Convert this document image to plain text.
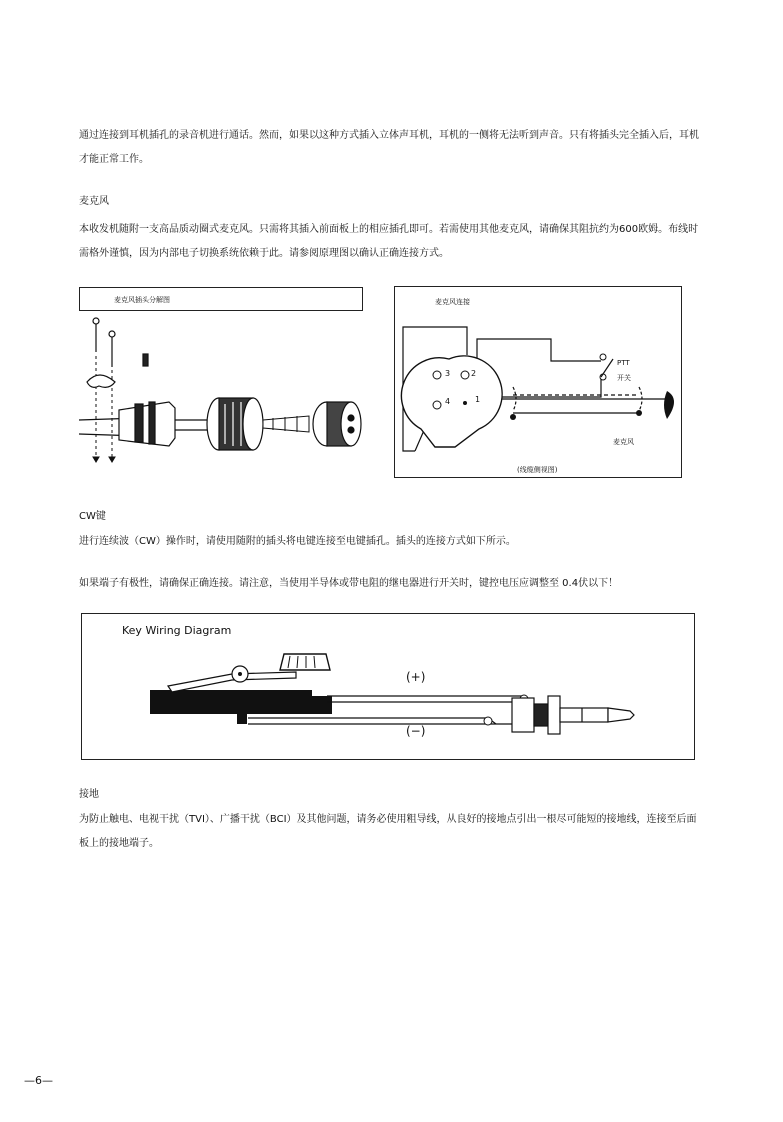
通过连接到耳机插孔的录音机进行通话。然而，如果以这种方式插入立体声耳机，耳机的一侧将无法听到声音。只有将插头完全插入后，耳机才能正常工作。

麦克风

本收发机随附一支高品质动圈式麦克风。只需将其插入前面板上的相应插孔即可。若需使用其他麦克风，请确保其阻抗约为600欧姆。布线时需格外谨慎，因为内部电子切换系统依赖于此。请参阅原理图以确认正确连接方式。

麦克风插头分解图	麦克风连接
3	2
4	1
PTT
开关
麦克风
(线缆侧视图)

CW键

进行连续波（CW）操作时，请使用随附的插头将电键连接至电键插孔。插头的连接方式如下所示。

如果端子有极性，请确保正确连接。请注意，当使用半导体或带电阻的继电器进行开关时，键控电压应调整至 0.4伏以下！

Key Wiring Diagram
(+)
(−)

接地

为防止触电、电视干扰（TVI）、广播干扰（BCI）及其他问题，请务必使用粗导线，从良好的接地点引出一根尽可能短的接地线，连接至后面板上的接地端子。

—6—
